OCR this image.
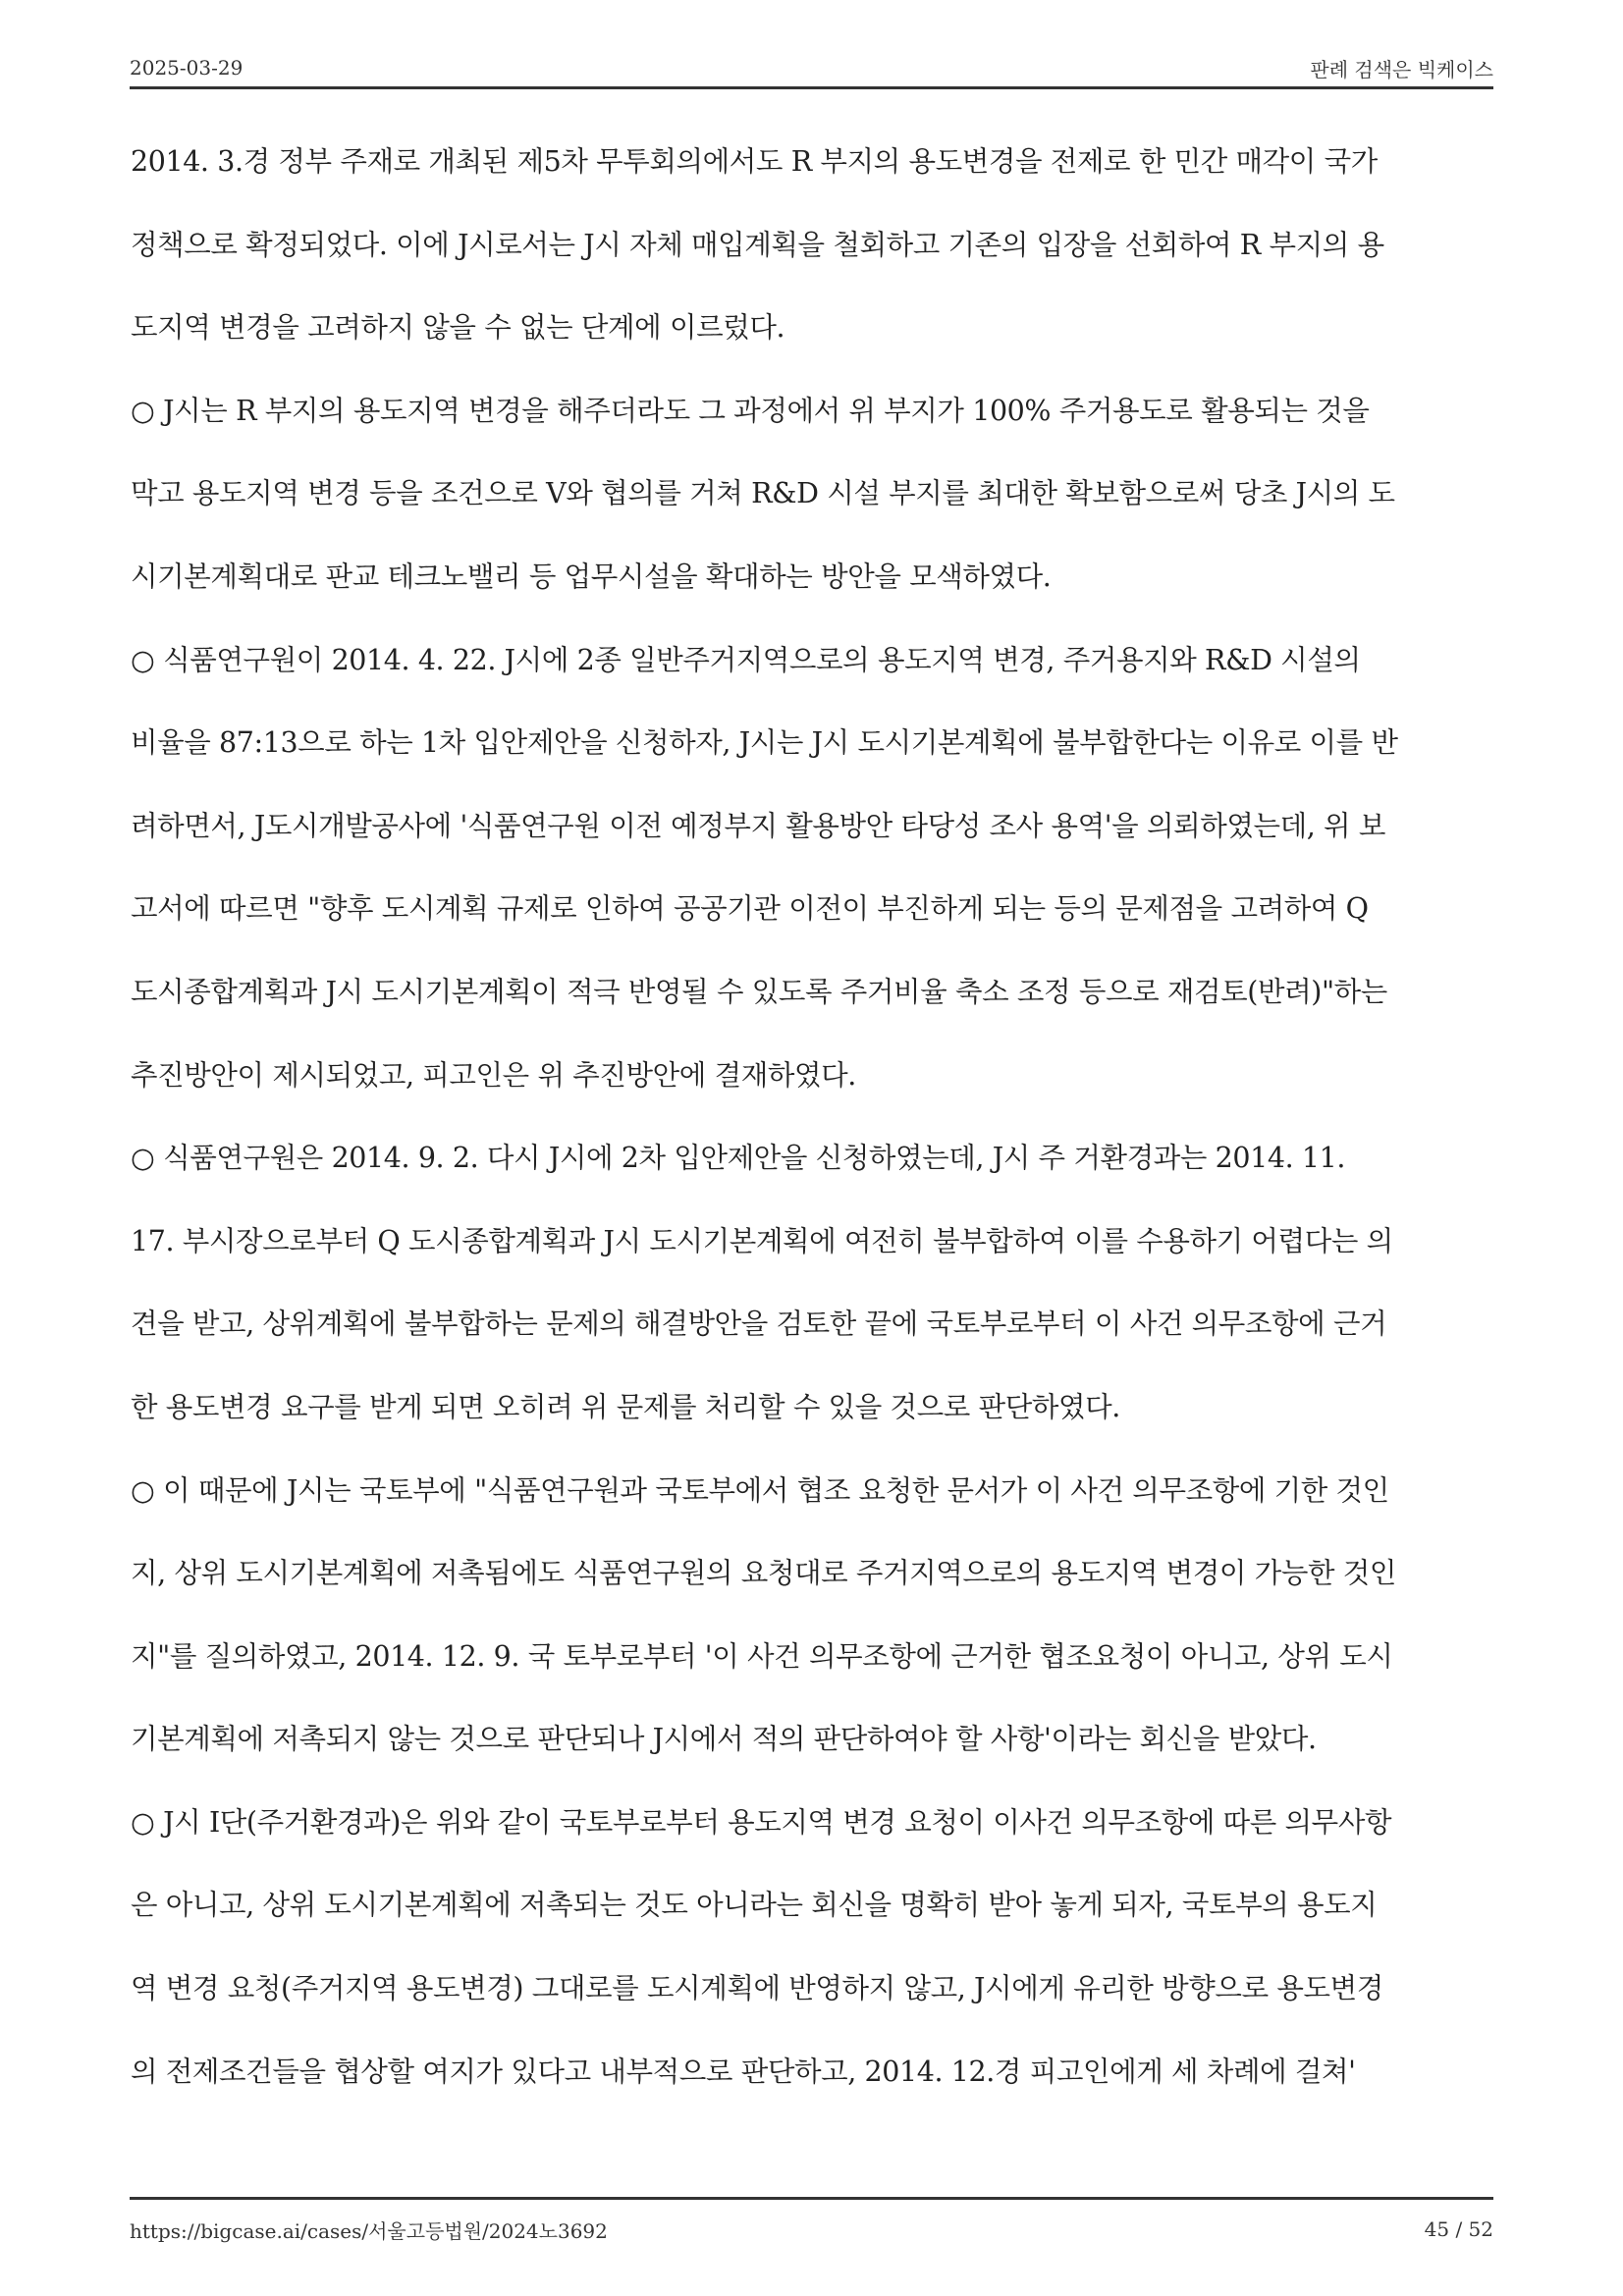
2025-03-29	판례 검색은 빅케이스
2014. 3.경 정부 주재로 개최된 제5차 무투회의에서도 R 부지의 용도변경을 전제로 한 민간 매각이 국가
정책으로 확정되었다. 이에 J시로서는 J시 자체 매입계획을 철회하고 기존의 입장을 선회하여 R 부지의 용
도지역 변경을 고려하지 않을 수 없는 단계에 이르렀다.
○ J시는 R 부지의 용도지역 변경을 해주더라도 그 과정에서 위 부지가 100% 주거용도로 활용되는 것을
막고 용도지역 변경 등을 조건으로 V와 협의를 거쳐 R&D 시설 부지를 최대한 확보함으로써 당초 J시의 도
시기본계획대로 판교 테크노밸리 등 업무시설을 확대하는 방안을 모색하였다.
○ 식품연구원이 2014. 4. 22. J시에 2종 일반주거지역으로의 용도지역 변경, 주거용지와 R&D 시설의
비율을 87:13으로 하는 1차 입안제안을 신청하자, J시는 J시 도시기본계획에 불부합한다는 이유로 이를 반
려하면서, J도시개발공사에 '식품연구원 이전 예정부지 활용방안 타당성 조사 용역'을 의뢰하였는데, 위 보
고서에 따르면 "향후 도시계획 규제로 인하여 공공기관 이전이 부진하게 되는 등의 문제점을 고려하여 Q
도시종합계획과 J시 도시기본계획이 적극 반영될 수 있도록 주거비율 축소 조정 등으로 재검토(반려)"하는
추진방안이 제시되었고, 피고인은 위 추진방안에 결재하였다.
○ 식품연구원은 2014. 9. 2. 다시 J시에 2차 입안제안을 신청하였는데, J시 주 거환경과는 2014. 11.
17. 부시장으로부터 Q 도시종합계획과 J시 도시기본계획에 여전히 불부합하여 이를 수용하기 어렵다는 의
견을 받고, 상위계획에 불부합하는 문제의 해결방안을 검토한 끝에 국토부로부터 이 사건 의무조항에 근거
한 용도변경 요구를 받게 되면 오히려 위 문제를 처리할 수 있을 것으로 판단하였다.
○ 이 때문에 J시는 국토부에 "식품연구원과 국토부에서 협조 요청한 문서가 이 사건 의무조항에 기한 것인
지, 상위 도시기본계획에 저촉됨에도 식품연구원의 요청대로 주거지역으로의 용도지역 변경이 가능한 것인
지"를 질의하였고, 2014. 12. 9. 국 토부로부터 '이 사건 의무조항에 근거한 협조요청이 아니고, 상위 도시
기본계획에 저촉되지 않는 것으로 판단되나 J시에서 적의 판단하여야 할 사항'이라는 회신을 받았다.
○ J시 I단(주거환경과)은 위와 같이 국토부로부터 용도지역 변경 요청이 이사건 의무조항에 따른 의무사항
은 아니고, 상위 도시기본계획에 저촉되는 것도 아니라는 회신을 명확히 받아 놓게 되자, 국토부의 용도지
역 변경 요청(주거지역 용도변경) 그대로를 도시계획에 반영하지 않고, J시에게 유리한 방향으로 용도변경
의 전제조건들을 협상할 여지가 있다고 내부적으로 판단하고, 2014. 12.경 피고인에게 세 차례에 걸쳐'
https://bigcase.ai/cases/서울고등법원/2024노3692	45 / 52
